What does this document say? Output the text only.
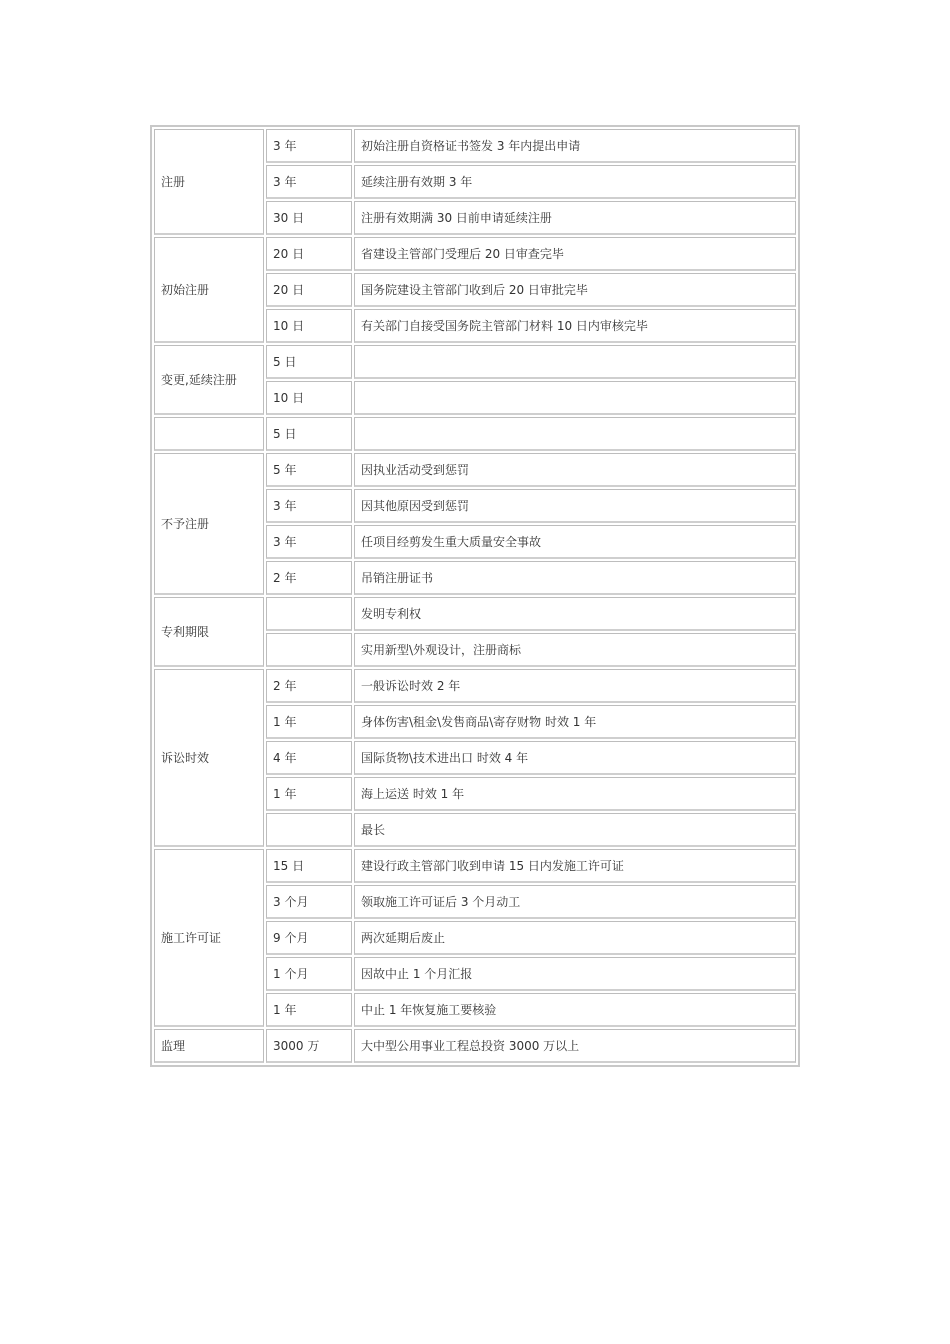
注册	3 年	初始注册自资格证书签发 3 年内提出申请
	3 年	延续注册有效期 3 年
	30 日	注册有效期满 30 日前申请延续注册
初始注册	20 日	省建设主管部门受理后 20 日审查完毕
	20 日	国务院建设主管部门收到后 20 日审批完毕
	10 日	有关部门自接受国务院主管部门材料 10 日内审核完毕
变更,延续注册	5 日	
	10 日	
	5 日	
不予注册	5 年	因执业活动受到惩罚
	3 年	因其他原因受到惩罚
	3 年	任项目经剪发生重大质量安全事故
	2 年	吊销注册证书
专利期限		发明专利权
		实用新型\外观设计，注册商标
诉讼时效	2 年	一般诉讼时效 2 年
	1 年	身体伤害\租金\发售商品\寄存财物 时效 1 年
	4 年	国际货物\技术进出口 时效 4 年
	1 年	海上运送 时效 1 年
		最长
施工许可证	15 日	建设行政主管部门收到申请 15 日内发施工许可证
	3 个月	领取施工许可证后 3 个月动工
	9 个月	两次延期后废止
	1 个月	因故中止 1 个月汇报
	1 年	中止 1 年恢复施工要核验
监理	3000 万	大中型公用事业工程总投资 3000 万以上
